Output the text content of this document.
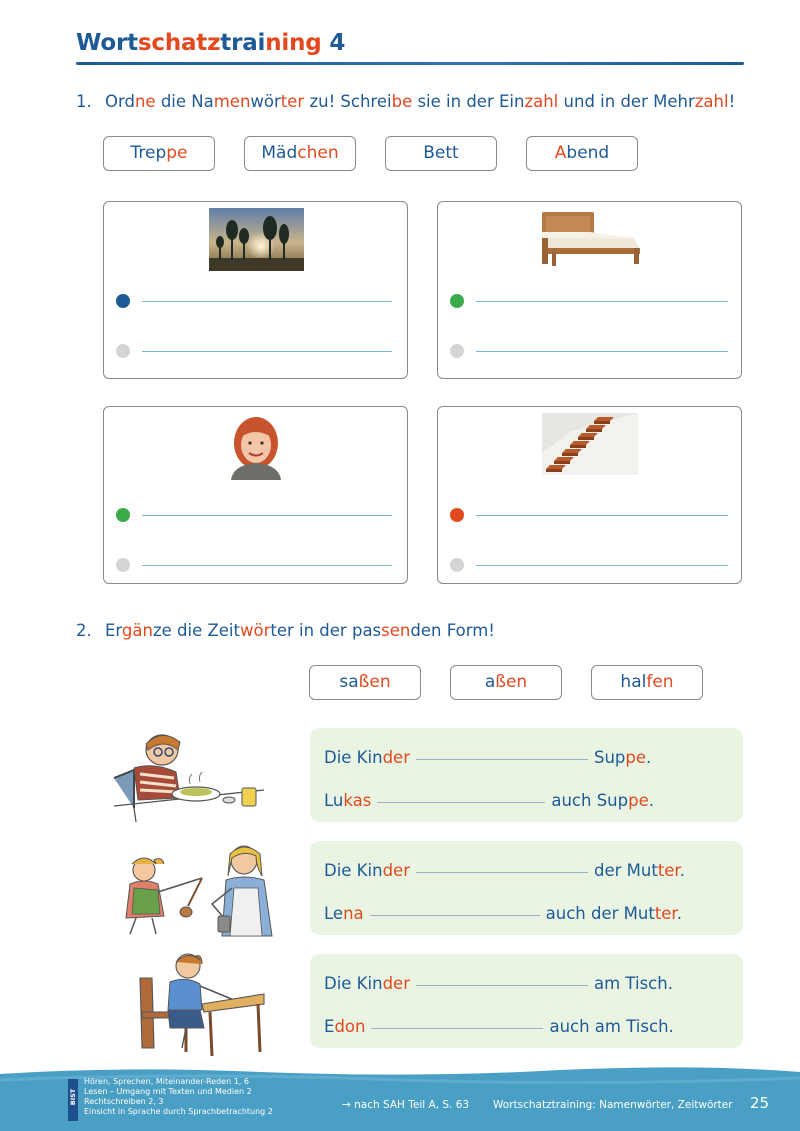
Wortschatztraining 4
1. Ordne die Namenwörter zu! Schreibe sie in der Einzahl und in der Mehrzahl!
Treppe	Mädchen	Bett	Abend
2. Ergänze die Zeitwörter in der passenden Form!
saßen	aßen	halfen
Die Kinder	Suppe.
Lukas	auch Suppe.
Die Kinder	der Mutter.
Lena	auch der Mutter.
Die Kinder	am Tisch.
Edon	auch am Tisch.
BIST
Hören, Sprechen, Miteinander-Reden 1, 6
Lesen – Umgang mit Texten und Medien 2
Rechtschreiben 2, 3
Einsicht in Sprache durch Sprachbetrachtung 2
→ nach SAH Teil A, S. 63 Wortschatztraining: Namenwörter, Zeitwörter 25
